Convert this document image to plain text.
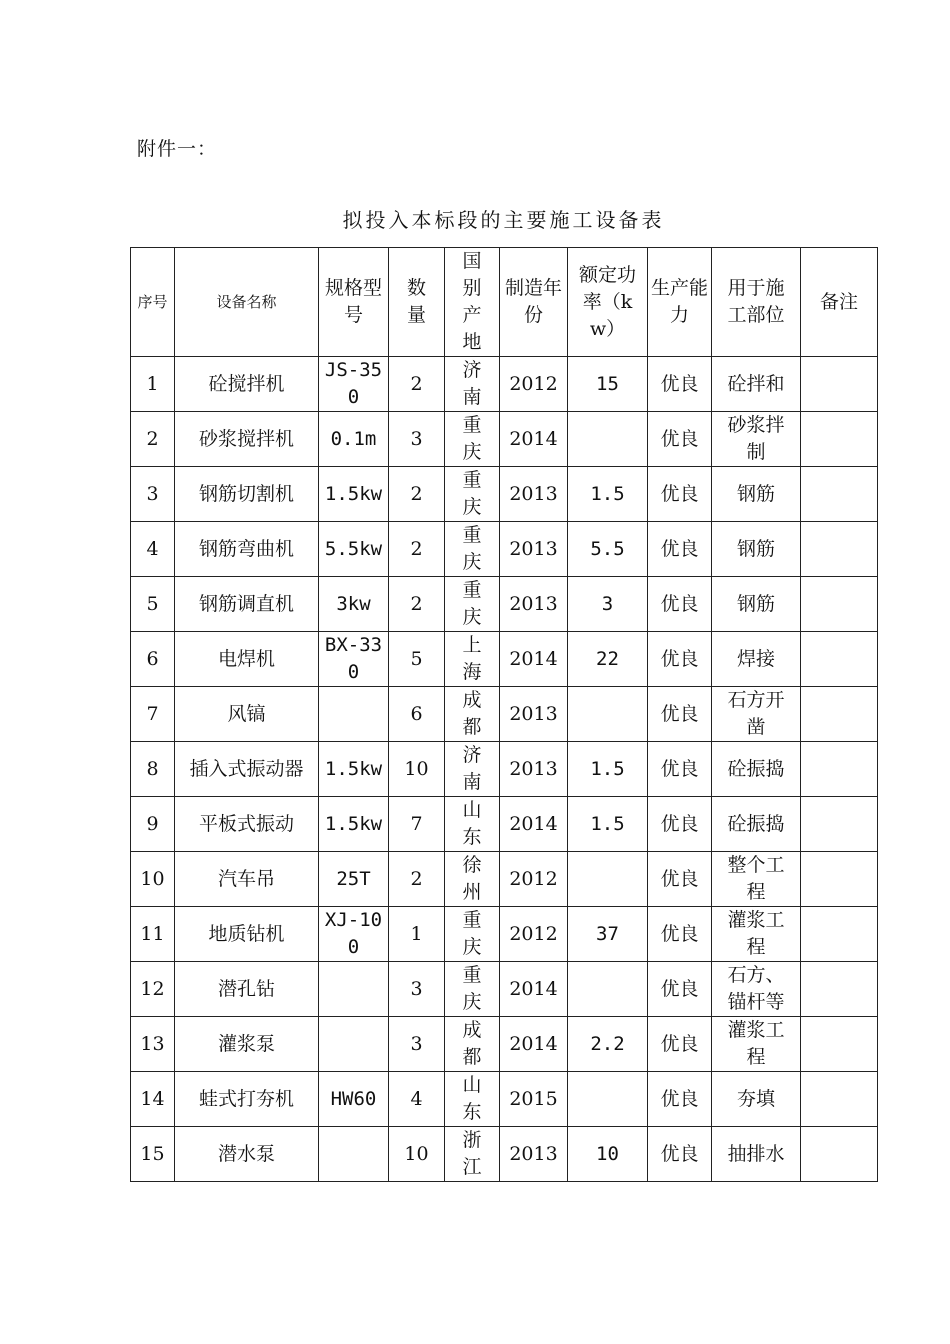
附件一：
拟投入本标段的主要施工设备表
序号	设备名称	规格型号	数量	国别产地	制造年份	额定功率（kw）	生产能力	用于施工部位	备注
1	砼搅拌机	JS-350	2	济南	2012	15	优良	砼拌和	
2	砂浆搅拌机	0.1m	3	重庆	2014		优良	砂浆拌制	
3	钢筋切割机	1.5kw	2	重庆	2013	1.5	优良	钢筋	
4	钢筋弯曲机	5.5kw	2	重庆	2013	5.5	优良	钢筋	
5	钢筋调直机	3kw	2	重庆	2013	3	优良	钢筋	
6	电焊机	BX-330	5	上海	2014	22	优良	焊接	
7	风镐		6	成都	2013		优良	石方开凿	
8	插入式振动器	1.5kw	10	济南	2013	1.5	优良	砼振捣	
9	平板式振动	1.5kw	7	山东	2014	1.5	优良	砼振捣	
10	汽车吊	25T	2	徐州	2012		优良	整个工程	
11	地质钻机	XJ-100	1	重庆	2012	37	优良	灌浆工程	
12	潜孔钻		3	重庆	2014		优良	石方、锚杆等	
13	灌浆泵		3	成都	2014	2.2	优良	灌浆工程	
14	蛙式打夯机	HW60	4	山东	2015		优良	夯填	
15	潜水泵		10	浙江	2013	10	优良	抽排水	
